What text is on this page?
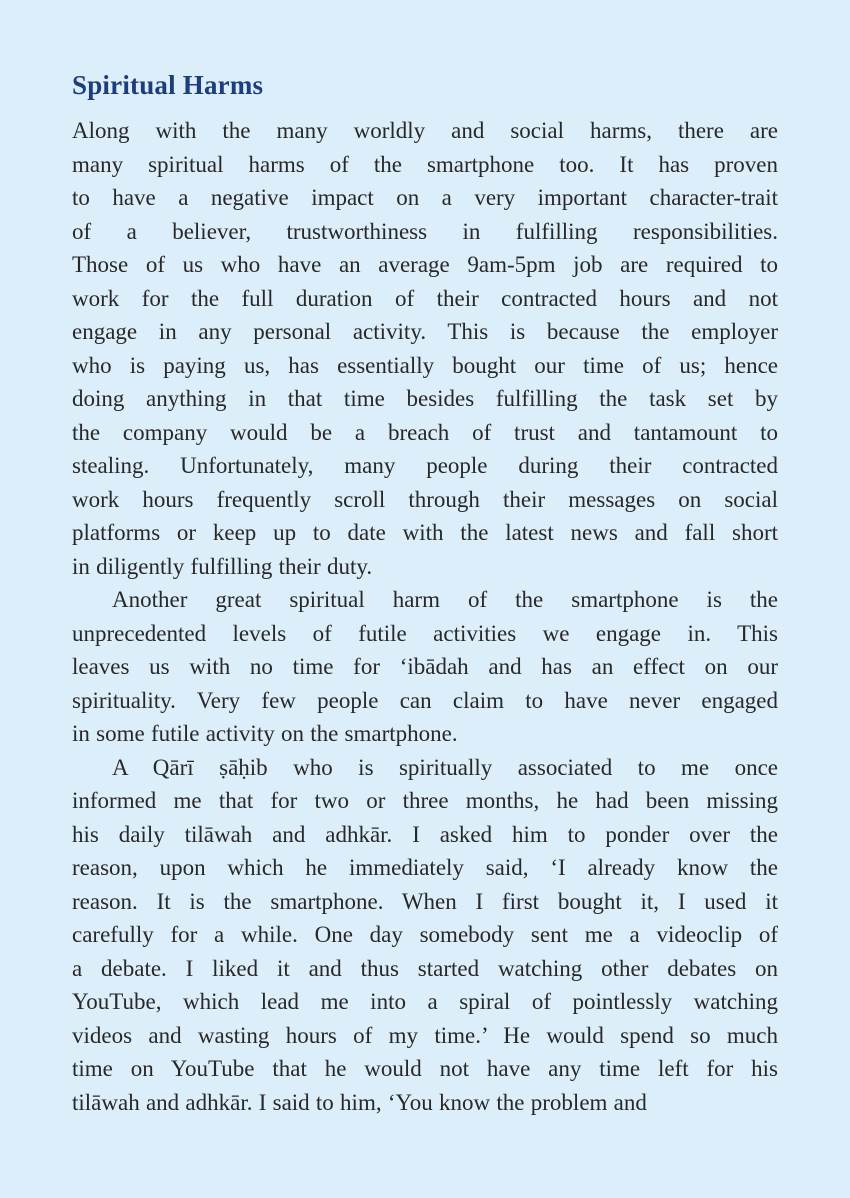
Spiritual Harms
Along with the many worldly and social harms, there are
many spiritual harms of the smartphone too. It has proven
to have a negative impact on a very important character-trait
of a believer, trustworthiness in fulfilling responsibilities.
Those of us who have an average 9am-5pm job are required to
work for the full duration of their contracted hours and not
engage in any personal activity. This is because the employer
who is paying us, has essentially bought our time of us; hence
doing anything in that time besides fulfilling the task set by
the company would be a breach of trust and tantamount to
stealing. Unfortunately, many people during their contracted
work hours frequently scroll through their messages on social
platforms or keep up to date with the latest news and fall short
in diligently fulfilling their duty.
Another great spiritual harm of the smartphone is the
unprecedented levels of futile activities we engage in. This
leaves us with no time for ‘ibādah and has an effect on our
spirituality. Very few people can claim to have never engaged
in some futile activity on the smartphone.
A Qārī ṣāḥib who is spiritually associated to me once
informed me that for two or three months, he had been missing
his daily tilāwah and adhkār. I asked him to ponder over the
reason, upon which he immediately said, ‘I already know the
reason. It is the smartphone. When I first bought it, I used it
carefully for a while. One day somebody sent me a videoclip of
a debate. I liked it and thus started watching other debates on
YouTube, which lead me into a spiral of pointlessly watching
videos and wasting hours of my time.’ He would spend so much
time on YouTube that he would not have any time left for his
tilāwah and adhkār. I said to him, ‘You know the problem and
